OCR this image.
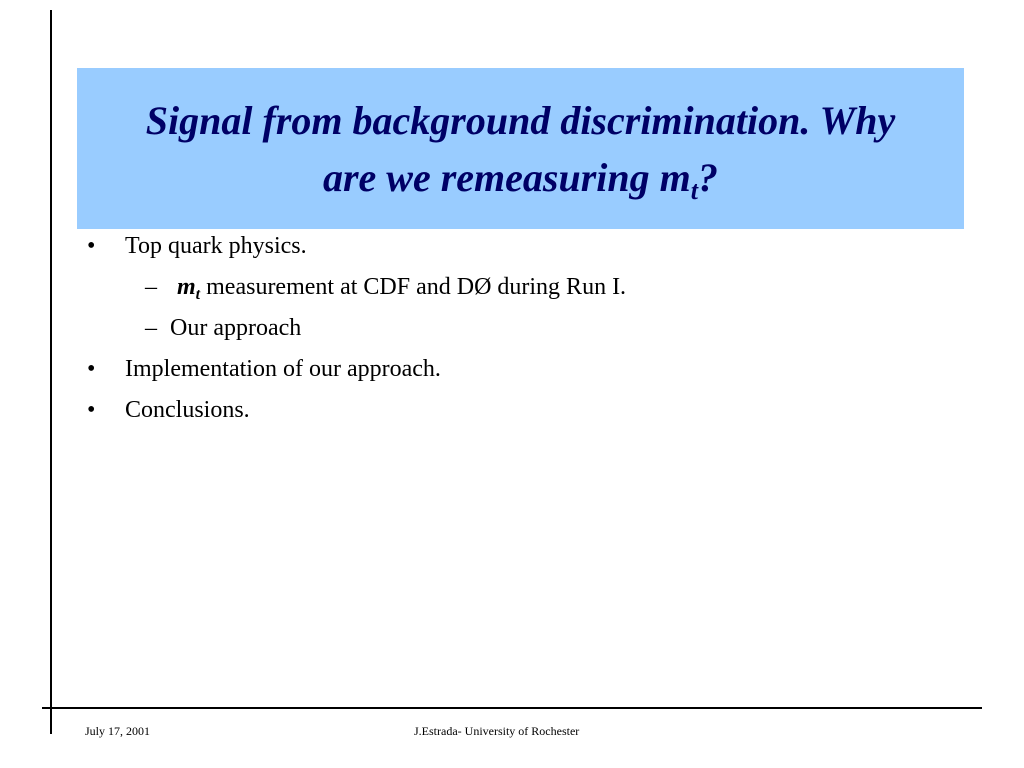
Signal from background discrimination. Why
are we remeasuring $m_t$?
• Top quark physics.
– $m_t$ measurement at CDF and DØ during Run I.
– Our approach
• Implementation of our approach.
• Conclusions.
July 17, 2001	J.Estrada- University of Rochester
